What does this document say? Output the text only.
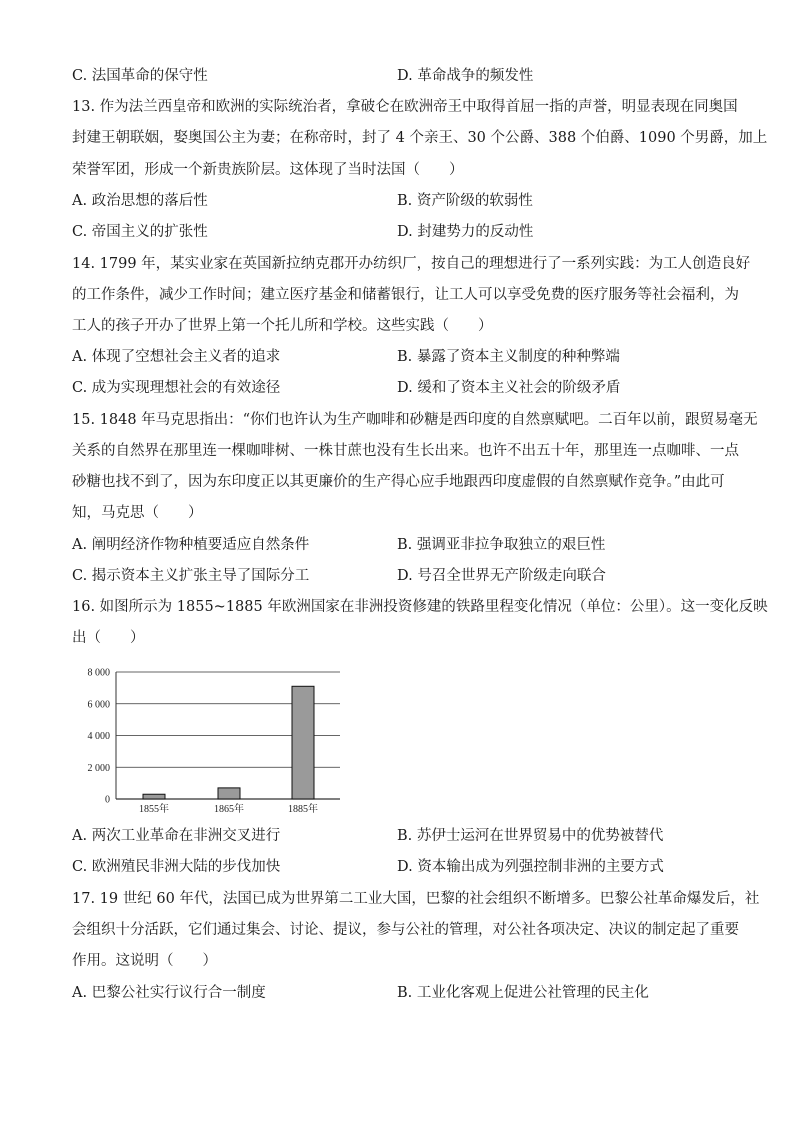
C. 法国革命的保守性	D. 革命战争的频发性
13. 作为法兰西皇帝和欧洲的实际统治者，拿破仑在欧洲帝王中取得首屈一指的声誉，明显表现在同奥国
封建王朝联姻，娶奥国公主为妻；在称帝时，封了 4 个亲王、30 个公爵、388 个伯爵、1090 个男爵，加上
荣誉军团，形成一个新贵族阶层。这体现了当时法国（　　）
A. 政治思想的落后性	B. 资产阶级的软弱性
C. 帝国主义的扩张性	D. 封建势力的反动性
14. 1799 年，某实业家在英国新拉纳克郡开办纺织厂，按自己的理想进行了一系列实践：为工人创造良好
的工作条件，减少工作时间；建立医疗基金和储蓄银行，让工人可以享受免费的医疗服务等社会福利，为
工人的孩子开办了世界上第一个托儿所和学校。这些实践（　　）
A. 体现了空想社会主义者的追求	B. 暴露了资本主义制度的种种弊端
C. 成为实现理想社会的有效途径	D. 缓和了资本主义社会的阶级矛盾
15. 1848 年马克思指出：“你们也许认为生产咖啡和砂糖是西印度的自然禀赋吧。二百年以前，跟贸易毫无
关系的自然界在那里连一棵咖啡树、一株甘蔗也没有生长出来。也许不出五十年，那里连一点咖啡、一点
砂糖也找不到了，因为东印度正以其更廉价的生产得心应手地跟西印度虚假的自然禀赋作竞争。”由此可
知，马克思（　　）
A. 阐明经济作物种植要适应自然条件	B. 强调亚非拉争取独立的艰巨性
C. 揭示资本主义扩张主导了国际分工	D. 号召全世界无产阶级走向联合
16. 如图所示为 1855~1885 年欧洲国家在非洲投资修建的铁路里程变化情况（单位：公里）。这一变化反映
出（　　）
0
2 000
4 000
6 000
8 000
1855年	1865年	1885年
A. 两次工业革命在非洲交叉进行	B. 苏伊士运河在世界贸易中的优势被替代
C. 欧洲殖民非洲大陆的步伐加快	D. 资本输出成为列强控制非洲的主要方式
17. 19 世纪 60 年代，法国已成为世界第二工业大国，巴黎的社会组织不断增多。巴黎公社革命爆发后，社
会组织十分活跃，它们通过集会、讨论、提议，参与公社的管理，对公社各项决定、决议的制定起了重要
作用。这说明（　　）
A. 巴黎公社实行议行合一制度	B. 工业化客观上促进公社管理的民主化
